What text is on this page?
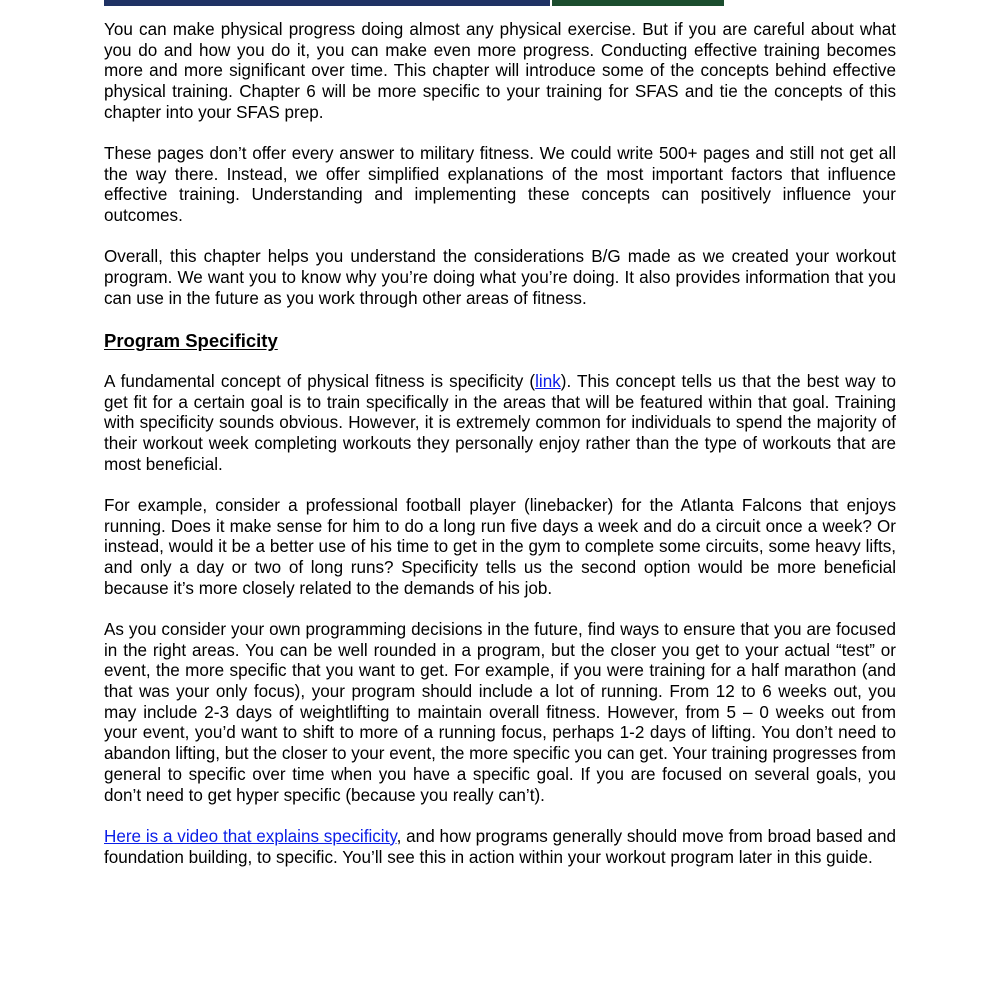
You can make physical progress doing almost any physical exercise. But if you are careful about what you do and how you do it, you can make even more progress. Conducting effective training becomes more and more significant over time. This chapter will introduce some of the concepts behind effective physical training. Chapter 6 will be more specific to your training for SFAS and tie the concepts of this chapter into your SFAS prep.

These pages don’t offer every answer to military fitness. We could write 500+ pages and still not get all the way there. Instead, we offer simplified explanations of the most important factors that influence effective training. Understanding and implementing these concepts can positively influence your outcomes.

Overall, this chapter helps you understand the considerations B/G made as we created your workout program. We want you to know why you’re doing what you’re doing. It also provides information that you can use in the future as you work through other areas of fitness.

Program Specificity

A fundamental concept of physical fitness is specificity (link). This concept tells us that the best way to get fit for a certain goal is to train specifically in the areas that will be featured within that goal. Training with specificity sounds obvious. However, it is extremely common for individuals to spend the majority of their workout week completing workouts they personally enjoy rather than the type of workouts that are most beneficial.

For example, consider a professional football player (linebacker) for the Atlanta Falcons that enjoys running. Does it make sense for him to do a long run five days a week and do a circuit once a week? Or instead, would it be a better use of his time to get in the gym to complete some circuits, some heavy lifts, and only a day or two of long runs? Specificity tells us the second option would be more beneficial because it’s more closely related to the demands of his job.

As you consider your own programming decisions in the future, find ways to ensure that you are focused in the right areas. You can be well rounded in a program, but the closer you get to your actual “test” or event, the more specific that you want to get. For example, if you were training for a half marathon (and that was your only focus), your program should include a lot of running. From 12 to 6 weeks out, you may include 2-3 days of weightlifting to maintain overall fitness. However, from 5 – 0 weeks out from your event, you’d want to shift to more of a running focus, perhaps 1-2 days of lifting. You don’t need to abandon lifting, but the closer to your event, the more specific you can get. Your training progresses from general to specific over time when you have a specific goal. If you are focused on several goals, you don’t need to get hyper specific (because you really can’t).

Here is a video that explains specificity, and how programs generally should move from broad based and foundation building, to specific. You’ll see this in action within your workout program later in this guide.
